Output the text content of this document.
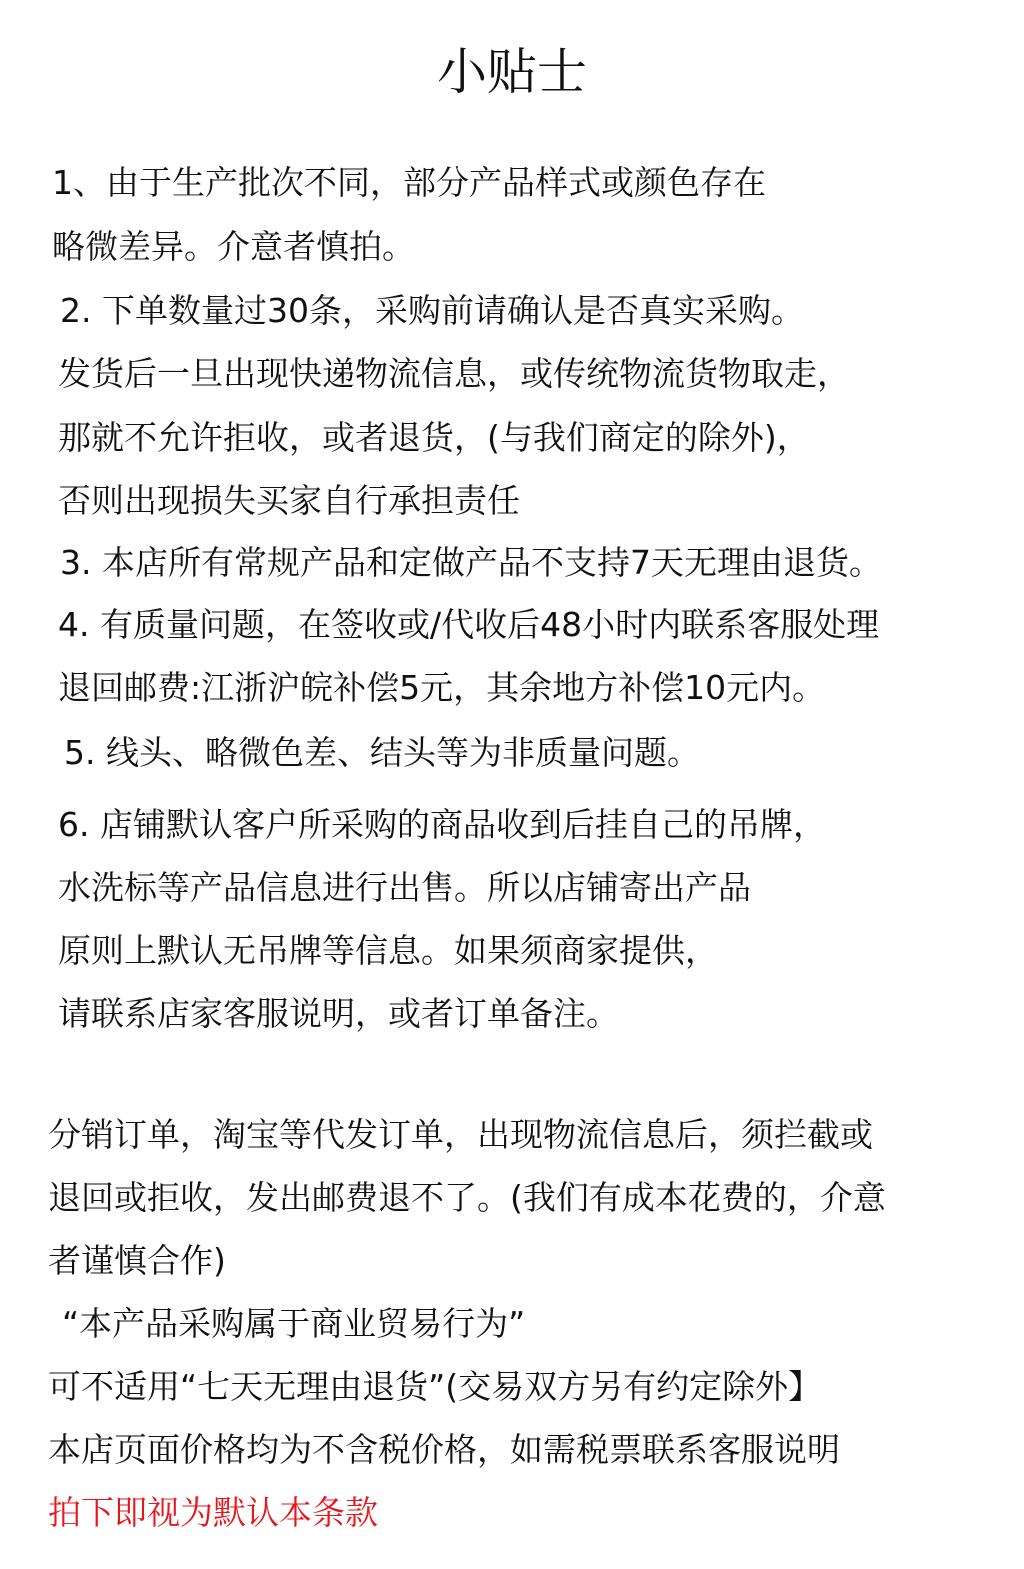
小贴士
1、由于生产批次不同，部分产品样式或颜色存在
略微差异。介意者慎拍。
2. 下单数量过30条，采购前请确认是否真实采购。
发货后一旦出现快递物流信息，或传统物流货物取走，
那就不允许拒收，或者退货，(与我们商定的除外)，
否则出现损失买家自行承担责任
3. 本店所有常规产品和定做产品不支持7天无理由退货。
4. 有质量问题，在签收或/代收后48小时内联系客服处理
退回邮费:江浙沪皖补偿5元，其余地方补偿10元内。
5. 线头、略微色差、结头等为非质量问题。
6. 店铺默认客户所采购的商品收到后挂自己的吊牌，
水洗标等产品信息进行出售。所以店铺寄出产品
原则上默认无吊牌等信息。如果须商家提供，
请联系店家客服说明，或者订单备注。
分销订单，淘宝等代发订单，出现物流信息后，须拦截或
退回或拒收，发出邮费退不了。(我们有成本花费的，介意
者谨慎合作)
“本产品采购属于商业贸易行为”
可不适用“七天无理由退货”(交易双方另有约定除外】
本店页面价格均为不含税价格，如需税票联系客服说明
拍下即视为默认本条款
